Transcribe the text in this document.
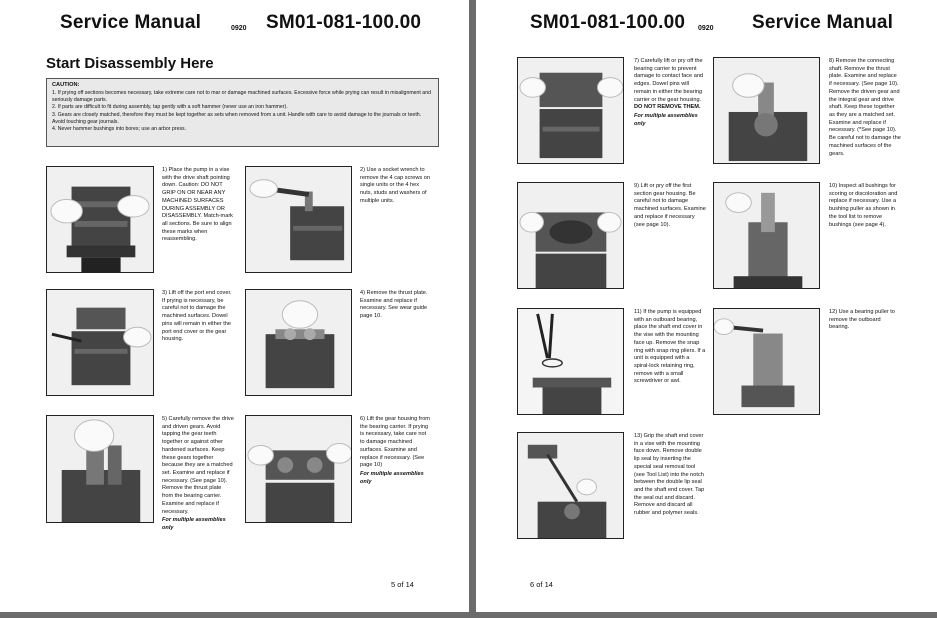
Service Manual	0920 SM01-081-100.00
Start Disassembly Here

CAUTION:

1. If prying off sections becomes necessary, take extreme care not to mar or damage machined surfaces. Excessive force while prying can result in misalignment and seriously damage parts.

2. If parts are difficult to fit during assembly, tap gently with a soft hammer (never use an iron hammer).

3. Gears are closely matched, therefore they must be kept together as sets when removed from a unit. Handle with care to avoid damage to the journals or teeth. Avoid touching gear journals.

4. Never hammer bushings into bores; use an arbor press.

1) Place the pump in a vise with the drive shaft pointing down. Caution: DO NOT GRIP ON OR NEAR ANY MACHINED SURFACES DURING ASSEMBLY OR DISASSEMBLY. Match-mark all sections. Be sure to align these marks when reassembling.
2) Use a socket wrench to remove the 4 cap screws on single units or the 4 hex nuts, studs and washers of multiple units.
3) Lift off the port end cover. If prying is necessary, be careful not to damage the machined surfaces. Dowel pins will remain in either the port end cover or the gear housing.
4) Remove the thrust plate. Examine and replace if necessary. See wear guide page 10.
5) Carefully remove the drive and driven gears. Avoid tapping the gear teeth together or against other hardened surfaces. Keep these gears together because they are a matched set. Examine and replace if necessary. (See page 10). Remove the thrust plate from the bearing carrier. Examine and replace if necessary.
For multiple assemblies only
6) Lift the gear housing from the bearing carrier. If prying is necessary, take care not to damage machined surfaces. Examine and replace if necessary. (See page 10)
For multiple assemblies only
5 of 14
SM01-081-100.00 0920 Service Manual
7) Carefully lift or pry off the bearing carrier to prevent damage to contact face and edges. Dowel pins will remain in either the bearing carrier or the gear housing.
DO NOT REMOVE THEM.
For multiple assemblies only
8) Remove the connecting shaft. Remove the thrust plate. Examine and replace if necessary. (See page 10). Remove the driven gear and the integral gear and drive shaft. Keep these together as they are a matched set. Examine and replace if necessary. (*See page 10). Be careful not to damage the machined surfaces of the gears.
9) Lift or pry off the first section gear housing. Be careful not to damage machined surfaces. Examine and replace if necessary (see page 10).
10) Inspect all bushings for scoring or discoloration and replace if necessary. Use a bushing puller as shown in the tool list to remove bushings (see page 4).
11) If the pump is equipped with an outboard bearing, place the shaft end cover in the vise with the mounting face up. Remove the snap ring with snap ring pliers. If a unit is equipped with a spiral-lock retaining ring, remove with a small screwdriver or awl.
12) Use a bearing puller to remove the outboard bearing.
13) Grip the shaft end cover in a vise with the mounting face down. Remove double lip seal by inserting the special seal removal tool (see Tool List) into the notch between the double lip seal and the shaft end cover. Tap the seal out and discard. Remove and discard all rubber and polymer seals.
6 of 14
